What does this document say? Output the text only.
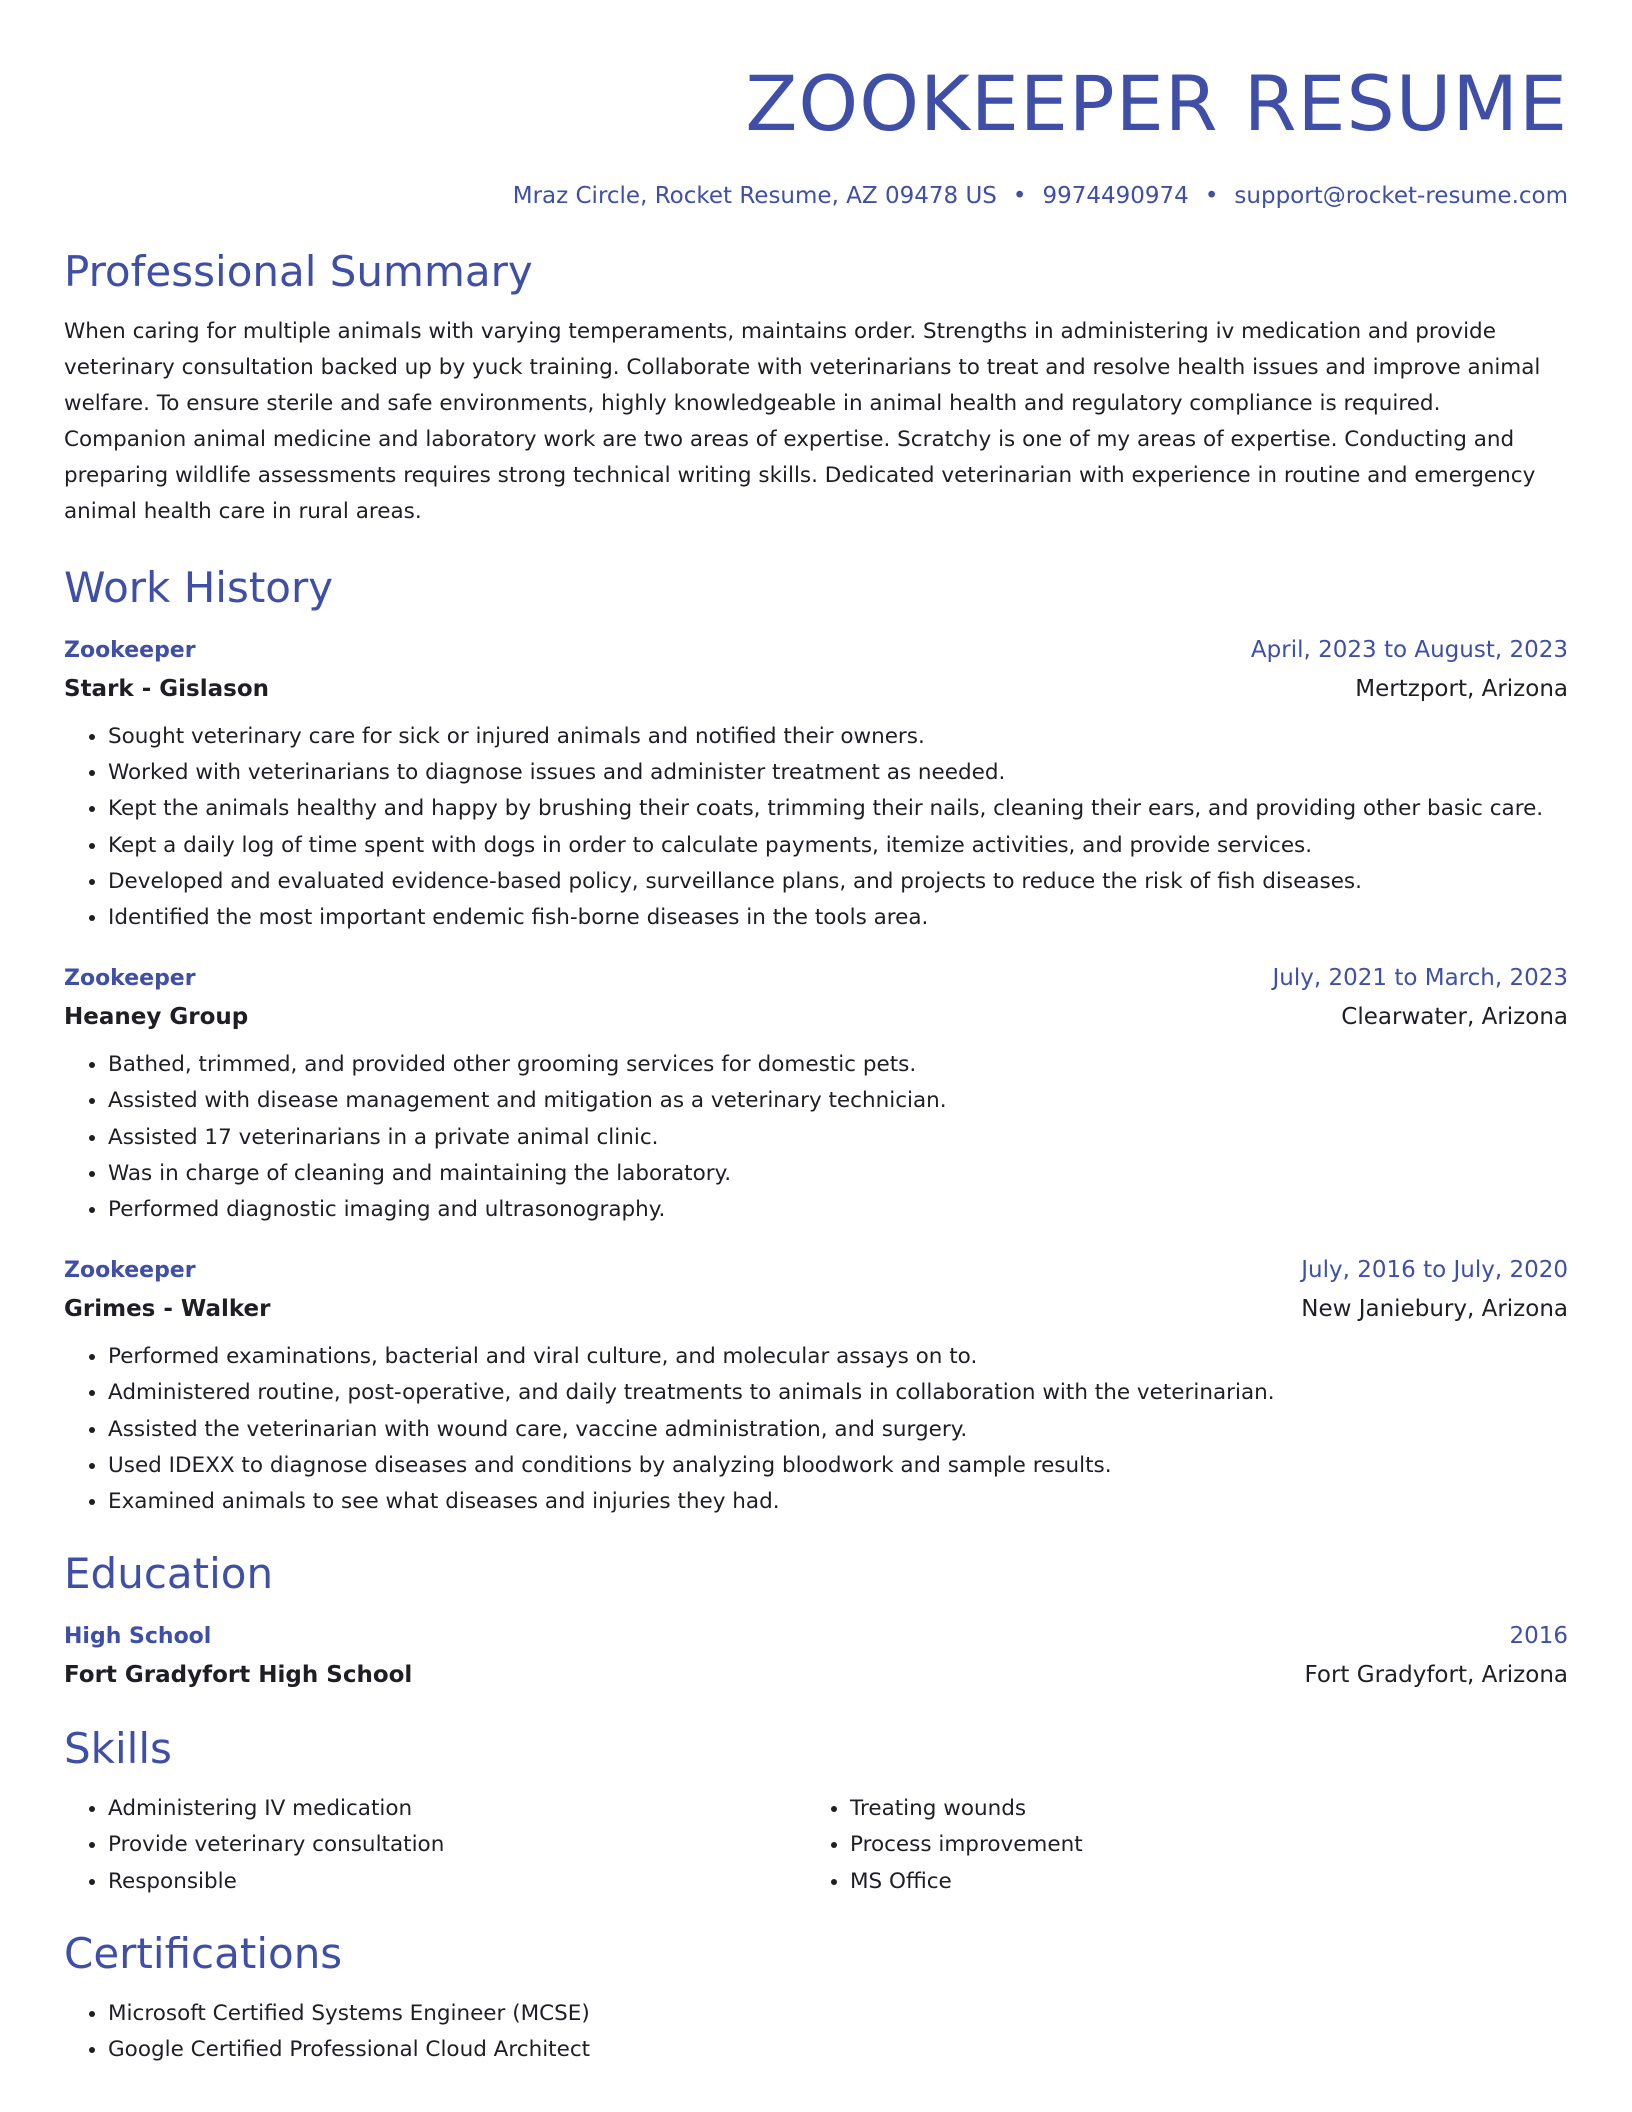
ZOOKEEPER RESUME
Mraz Circle, Rocket Resume, AZ 09478 US • 9974490974 • support@rocket-resume.com
Professional Summary

When caring for multiple animals with varying temperaments, maintains order. Strengths in administering iv medication and provide veterinary consultation backed up by yuck training. Collaborate with veterinarians to treat and resolve health issues and improve animal welfare. To ensure sterile and safe environments, highly knowledgeable in animal health and regulatory compliance is required. Companion animal medicine and laboratory work are two areas of expertise. Scratchy is one of my areas of expertise. Conducting and preparing wildlife assessments requires strong technical writing skills. Dedicated veterinarian with experience in routine and emergency animal health care in rural areas.

Work History
Zookeeper	April, 2023 to August, 2023
Stark - Gislason	Mertzport, Arizona
• Sought veterinary care for sick or injured animals and notified their owners.
• Worked with veterinarians to diagnose issues and administer treatment as needed.
• Kept the animals healthy and happy by brushing their coats, trimming their nails, cleaning their ears, and providing other basic care.
• Kept a daily log of time spent with dogs in order to calculate payments, itemize activities, and provide services.
• Developed and evaluated evidence-based policy, surveillance plans, and projects to reduce the risk of fish diseases.
• Identified the most important endemic fish-borne diseases in the tools area.
Zookeeper	July, 2021 to March, 2023
Heaney Group	Clearwater, Arizona
• Bathed, trimmed, and provided other grooming services for domestic pets.
• Assisted with disease management and mitigation as a veterinary technician.
• Assisted 17 veterinarians in a private animal clinic.
• Was in charge of cleaning and maintaining the laboratory.
• Performed diagnostic imaging and ultrasonography.
Zookeeper	July, 2016 to July, 2020
Grimes - Walker	New Janiebury, Arizona
• Performed examinations, bacterial and viral culture, and molecular assays on to.
• Administered routine, post-operative, and daily treatments to animals in collaboration with the veterinarian.
• Assisted the veterinarian with wound care, vaccine administration, and surgery.
• Used IDEXX to diagnose diseases and conditions by analyzing bloodwork and sample results.
• Examined animals to see what diseases and injuries they had.
Education
High School	2016
Fort Gradyfort High School	Fort Gradyfort, Arizona
Skills
• Administering IV medication
• Provide veterinary consultation
• Responsible
• Treating wounds
• Process improvement
• MS Office
Certifications
• Microsoft Certified Systems Engineer (MCSE)
• Google Certified Professional Cloud Architect
